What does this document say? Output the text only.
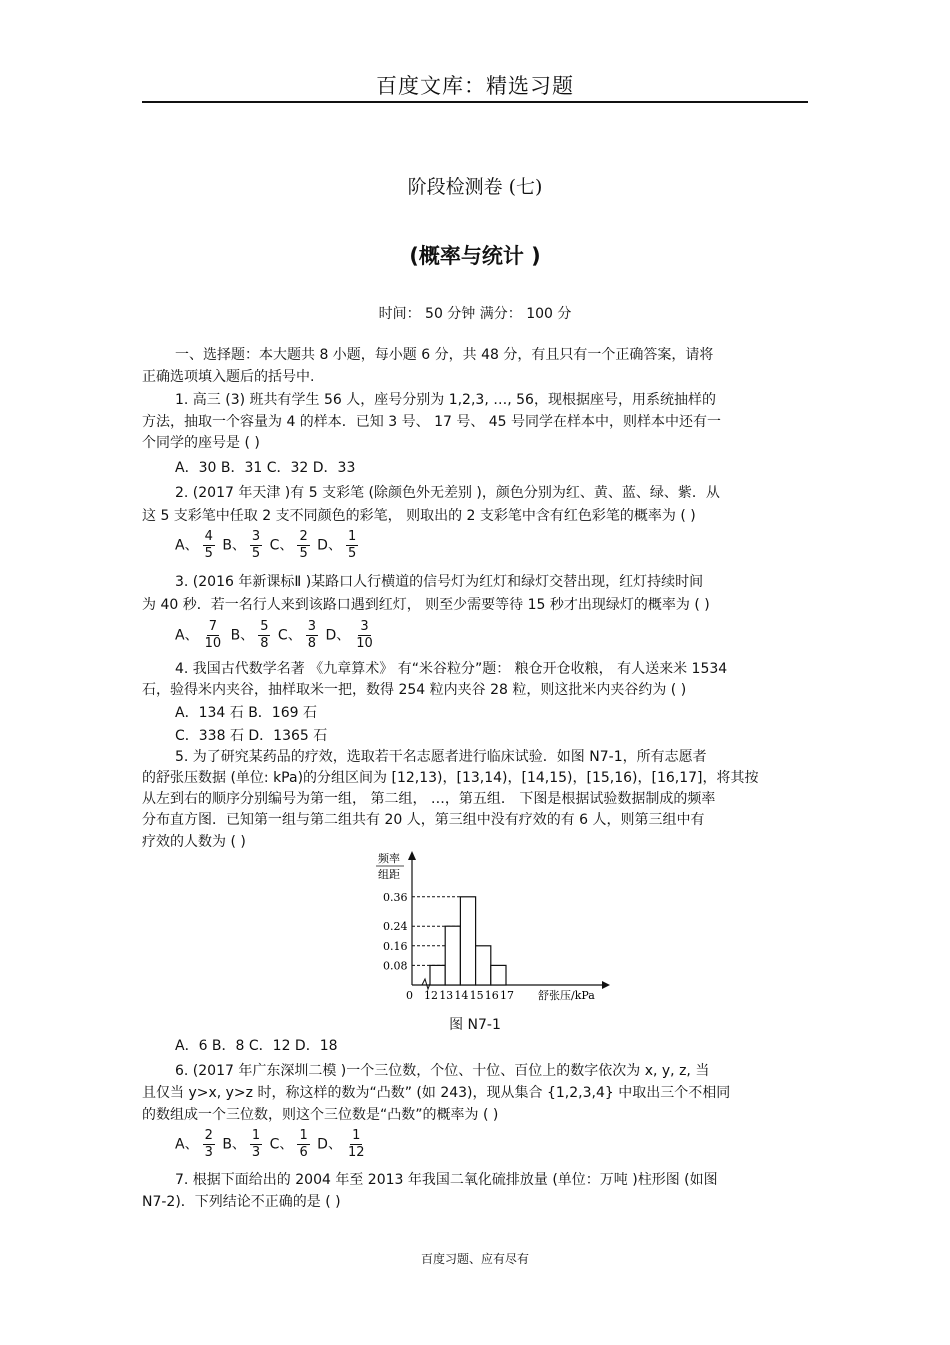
百度文库：精选习题
阶段检测卷 (七)
(概率与统计 )
时间： 50 分钟 满分： 100 分
一、选择题：本大题共 8 小题，每小题 6 分，共 48 分，有且只有一个正确答案，请将
正确选项填入题后的括号中.
1. 高三 (3) 班共有学生 56 人，座号分别为 1,2,3, …, 56，现根据座号，用系统抽样的
方法，抽取一个容量为 4 的样本．已知 3 号、 17 号、 45 号同学在样本中，则样本中还有一
个同学的座号是 ( )
A．30 B．31 C．32 D．33
2. (2017 年天津 )有 5 支彩笔 (除颜色外无差别 )，颜色分别为红、黄、蓝、绿、紫．从
这 5 支彩笔中任取 2 支不同颜色的彩笔， 则取出的 2 支彩笔中含有红色彩笔的概率为 ( )
A、 $\frac{4}{5}$ B、 $\frac{3}{5}$ C、 $\frac{2}{5}$ D、 $\frac{1}{5}$
3. (2016 年新课标Ⅱ )某路口人行横道的信号灯为红灯和绿灯交替出现，红灯持续时间
为 40 秒．若一名行人来到该路口遇到红灯， 则至少需要等待 15 秒才出现绿灯的概率为 ( )
A、 $\frac{7}{10}$ B、 $\frac{5}{8}$ C、 $\frac{3}{8}$ D、 $\frac{3}{10}$
4. 我国古代数学名著 《九章算术》 有“米谷粒分”题： 粮仓开仓收粮， 有人送来米 1534
石，验得米内夹谷，抽样取米一把，数得 254 粒内夹谷 28 粒，则这批米内夹谷约为 ( )
A．134 石 B．169 石
C．338 石 D．1365 石
5. 为了研究某药品的疗效，选取若干名志愿者进行临床试验．如图 N7-1，所有志愿者
的舒张压数据 (单位: kPa)的分组区间为 [12,13)，[13,14)，[14,15)，[15,16)，[16,17]，将其按
从左到右的顺序分别编号为第一组， 第二组， …，第五组． 下图是根据试验数据制成的频率
分布直方图．已知第一组与第二组共有 20 人，第三组中没有疗效的有 6 人，则第三组中有
疗效的人数为 ( )
频率
组距
0
0.08
0.16
0.24
0.36
12 13 14 15 16 17 舒张压/kPa
图 N7-1
A．6 B．8 C．12 D．18
6. (2017 年广东深圳二模 )一个三位数，个位、十位、百位上的数字依次为 x, y, z, 当
且仅当 y>x, y>z 时，称这样的数为“凸数” (如 243)，现从集合 {1,2,3,4} 中取出三个不相同
的数组成一个三位数，则这个三位数是“凸数”的概率为 ( )
A、 $\frac{2}{3}$ B、 $\frac{1}{3}$ C、 $\frac{1}{6}$ D、 $\frac{1}{12}$
7. 根据下面给出的 2004 年至 2013 年我国二氧化硫排放量 (单位：万吨 )柱形图 (如图
N7-2)．下列结论不正确的是 ( )
百度习题、应有尽有
